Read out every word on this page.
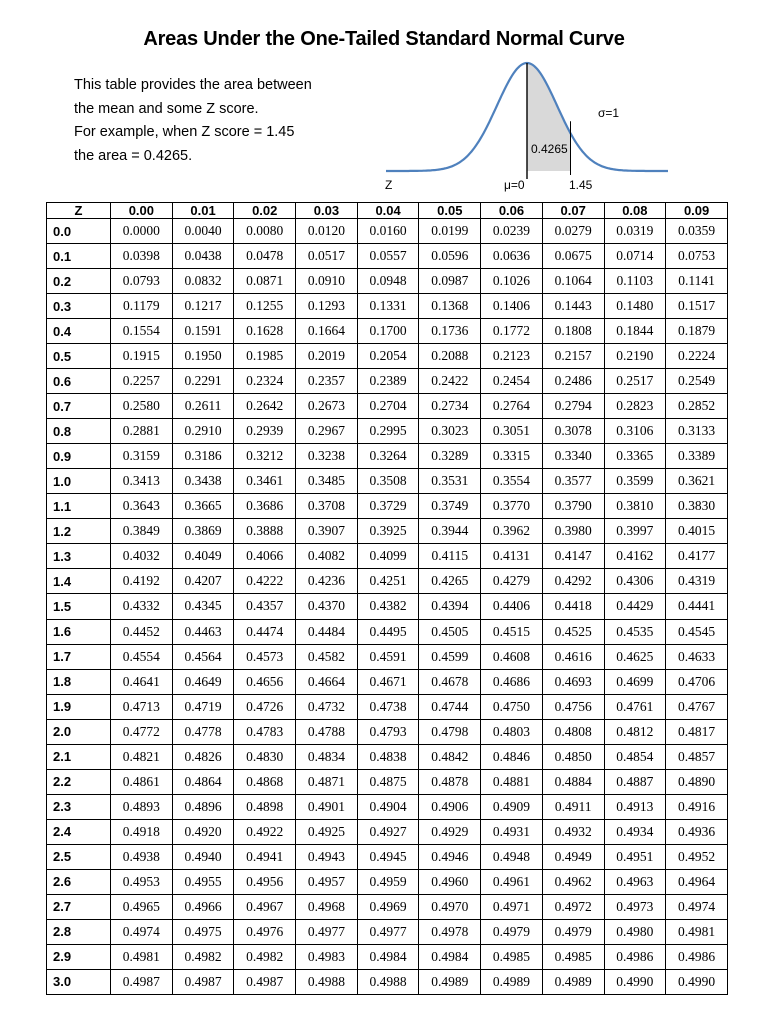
Areas Under the One-Tailed Standard Normal Curve
This table provides the area between
the mean and some Z score.
For example, when Z score = 1.45
the area = 0.4265.	0.4265
σ=1
Z	μ=0	1.45
Z	0.00	0.01	0.02	0.03	0.04	0.05	0.06	0.07	0.08	0.09
0.0	0.0000	0.0040	0.0080	0.0120	0.0160	0.0199	0.0239	0.0279	0.0319	0.0359
0.1	0.0398	0.0438	0.0478	0.0517	0.0557	0.0596	0.0636	0.0675	0.0714	0.0753
0.2	0.0793	0.0832	0.0871	0.0910	0.0948	0.0987	0.1026	0.1064	0.1103	0.1141
0.3	0.1179	0.1217	0.1255	0.1293	0.1331	0.1368	0.1406	0.1443	0.1480	0.1517
0.4	0.1554	0.1591	0.1628	0.1664	0.1700	0.1736	0.1772	0.1808	0.1844	0.1879
0.5	0.1915	0.1950	0.1985	0.2019	0.2054	0.2088	0.2123	0.2157	0.2190	0.2224
0.6	0.2257	0.2291	0.2324	0.2357	0.2389	0.2422	0.2454	0.2486	0.2517	0.2549
0.7	0.2580	0.2611	0.2642	0.2673	0.2704	0.2734	0.2764	0.2794	0.2823	0.2852
0.8	0.2881	0.2910	0.2939	0.2967	0.2995	0.3023	0.3051	0.3078	0.3106	0.3133
0.9	0.3159	0.3186	0.3212	0.3238	0.3264	0.3289	0.3315	0.3340	0.3365	0.3389
1.0	0.3413	0.3438	0.3461	0.3485	0.3508	0.3531	0.3554	0.3577	0.3599	0.3621
1.1	0.3643	0.3665	0.3686	0.3708	0.3729	0.3749	0.3770	0.3790	0.3810	0.3830
1.2	0.3849	0.3869	0.3888	0.3907	0.3925	0.3944	0.3962	0.3980	0.3997	0.4015
1.3	0.4032	0.4049	0.4066	0.4082	0.4099	0.4115	0.4131	0.4147	0.4162	0.4177
1.4	0.4192	0.4207	0.4222	0.4236	0.4251	0.4265	0.4279	0.4292	0.4306	0.4319
1.5	0.4332	0.4345	0.4357	0.4370	0.4382	0.4394	0.4406	0.4418	0.4429	0.4441
1.6	0.4452	0.4463	0.4474	0.4484	0.4495	0.4505	0.4515	0.4525	0.4535	0.4545
1.7	0.4554	0.4564	0.4573	0.4582	0.4591	0.4599	0.4608	0.4616	0.4625	0.4633
1.8	0.4641	0.4649	0.4656	0.4664	0.4671	0.4678	0.4686	0.4693	0.4699	0.4706
1.9	0.4713	0.4719	0.4726	0.4732	0.4738	0.4744	0.4750	0.4756	0.4761	0.4767
2.0	0.4772	0.4778	0.4783	0.4788	0.4793	0.4798	0.4803	0.4808	0.4812	0.4817
2.1	0.4821	0.4826	0.4830	0.4834	0.4838	0.4842	0.4846	0.4850	0.4854	0.4857
2.2	0.4861	0.4864	0.4868	0.4871	0.4875	0.4878	0.4881	0.4884	0.4887	0.4890
2.3	0.4893	0.4896	0.4898	0.4901	0.4904	0.4906	0.4909	0.4911	0.4913	0.4916
2.4	0.4918	0.4920	0.4922	0.4925	0.4927	0.4929	0.4931	0.4932	0.4934	0.4936
2.5	0.4938	0.4940	0.4941	0.4943	0.4945	0.4946	0.4948	0.4949	0.4951	0.4952
2.6	0.4953	0.4955	0.4956	0.4957	0.4959	0.4960	0.4961	0.4962	0.4963	0.4964
2.7	0.4965	0.4966	0.4967	0.4968	0.4969	0.4970	0.4971	0.4972	0.4973	0.4974
2.8	0.4974	0.4975	0.4976	0.4977	0.4977	0.4978	0.4979	0.4979	0.4980	0.4981
2.9	0.4981	0.4982	0.4982	0.4983	0.4984	0.4984	0.4985	0.4985	0.4986	0.4986
3.0	0.4987	0.4987	0.4987	0.4988	0.4988	0.4989	0.4989	0.4989	0.4990	0.4990
